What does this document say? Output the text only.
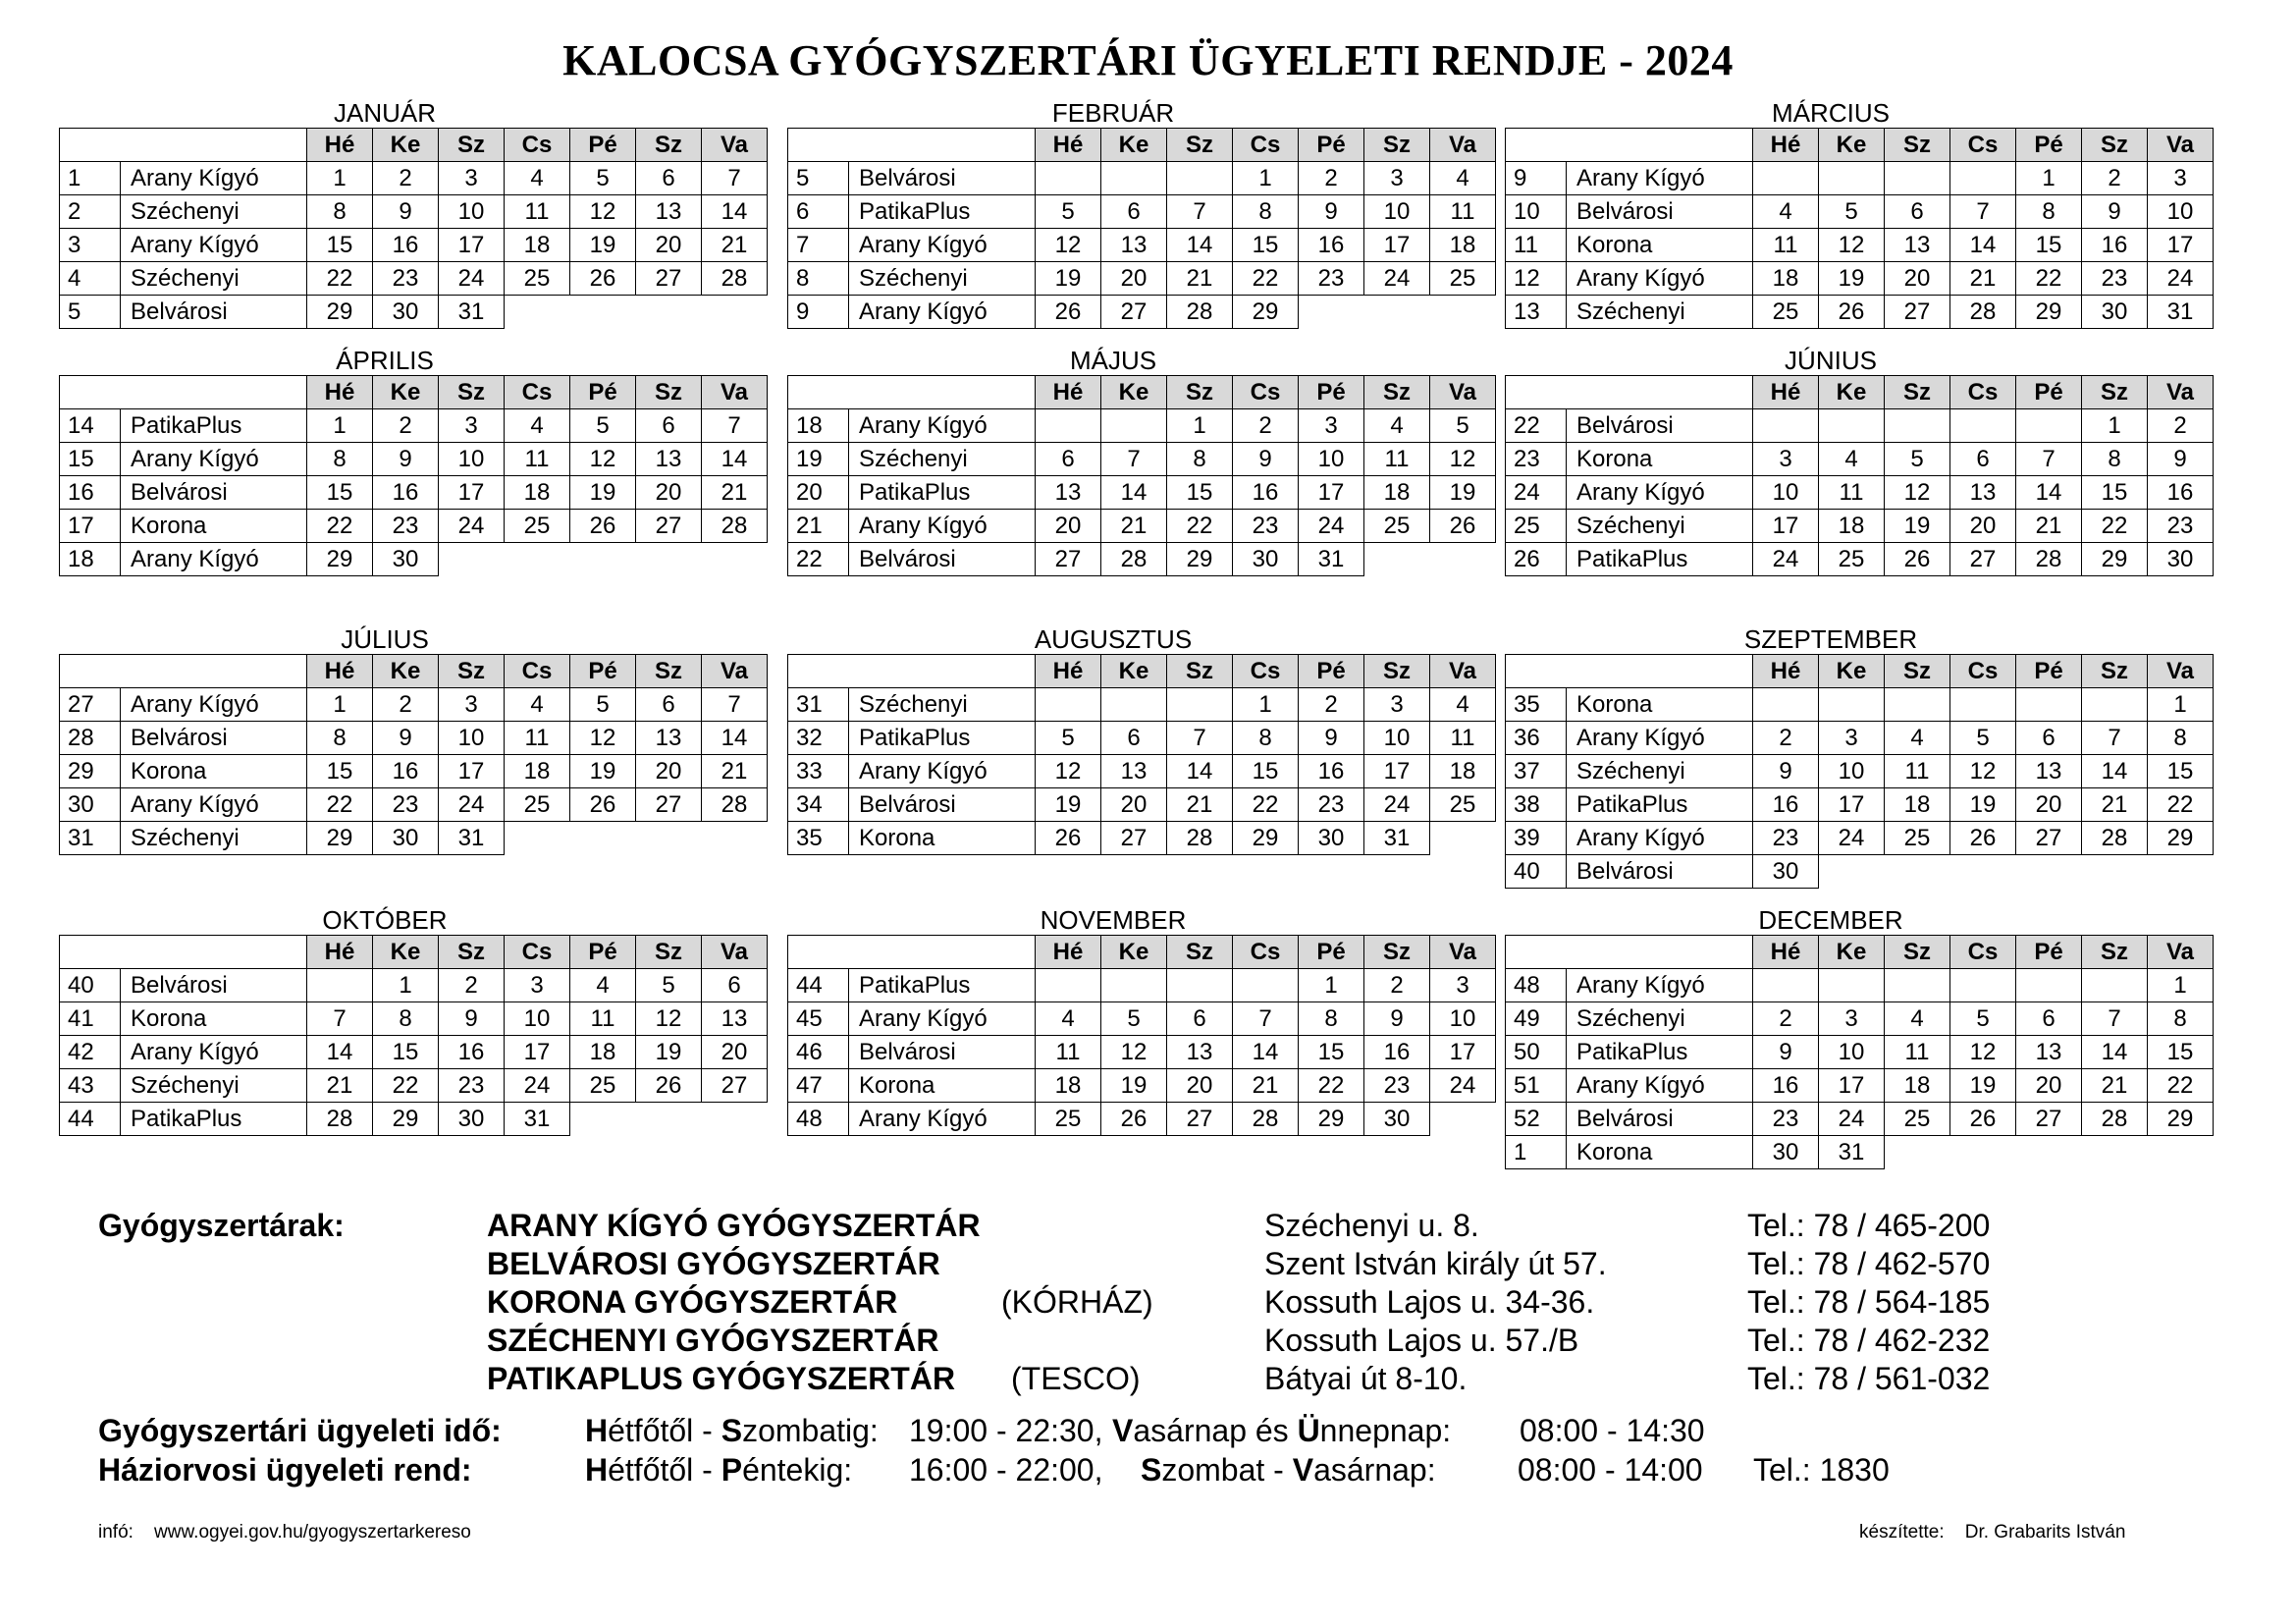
KALOCSA GYÓGYSZERTÁRI ÜGYELETI RENDJE - 2024
JANUÁR
		Hé	Ke	Sz	Cs	Pé	Sz	Va
1	Arany Kígyó	1	2	3	4	5	6	7
2	Széchenyi	8	9	10	11	12	13	14
3	Arany Kígyó	15	16	17	18	19	20	21
4	Széchenyi	22	23	24	25	26	27	28
5	Belvárosi	29	30	31				
FEBRUÁR
		Hé	Ke	Sz	Cs	Pé	Sz	Va
5	Belvárosi				1	2	3	4
6	PatikaPlus	5	6	7	8	9	10	11
7	Arany Kígyó	12	13	14	15	16	17	18
8	Széchenyi	19	20	21	22	23	24	25
9	Arany Kígyó	26	27	28	29			
MÁRCIUS
		Hé	Ke	Sz	Cs	Pé	Sz	Va
9	Arany Kígyó					1	2	3
10	Belvárosi	4	5	6	7	8	9	10
11	Korona	11	12	13	14	15	16	17
12	Arany Kígyó	18	19	20	21	22	23	24
13	Széchenyi	25	26	27	28	29	30	31
ÁPRILIS
		Hé	Ke	Sz	Cs	Pé	Sz	Va
14	PatikaPlus	1	2	3	4	5	6	7
15	Arany Kígyó	8	9	10	11	12	13	14
16	Belvárosi	15	16	17	18	19	20	21
17	Korona	22	23	24	25	26	27	28
18	Arany Kígyó	29	30					
MÁJUS
		Hé	Ke	Sz	Cs	Pé	Sz	Va
18	Arany Kígyó			1	2	3	4	5
19	Széchenyi	6	7	8	9	10	11	12
20	PatikaPlus	13	14	15	16	17	18	19
21	Arany Kígyó	20	21	22	23	24	25	26
22	Belvárosi	27	28	29	30	31		
JÚNIUS
		Hé	Ke	Sz	Cs	Pé	Sz	Va
22	Belvárosi						1	2
23	Korona	3	4	5	6	7	8	9
24	Arany Kígyó	10	11	12	13	14	15	16
25	Széchenyi	17	18	19	20	21	22	23
26	PatikaPlus	24	25	26	27	28	29	30
JÚLIUS
		Hé	Ke	Sz	Cs	Pé	Sz	Va
27	Arany Kígyó	1	2	3	4	5	6	7
28	Belvárosi	8	9	10	11	12	13	14
29	Korona	15	16	17	18	19	20	21
30	Arany Kígyó	22	23	24	25	26	27	28
31	Széchenyi	29	30	31				
AUGUSZTUS
		Hé	Ke	Sz	Cs	Pé	Sz	Va
31	Széchenyi				1	2	3	4
32	PatikaPlus	5	6	7	8	9	10	11
33	Arany Kígyó	12	13	14	15	16	17	18
34	Belvárosi	19	20	21	22	23	24	25
35	Korona	26	27	28	29	30	31	
SZEPTEMBER
		Hé	Ke	Sz	Cs	Pé	Sz	Va
35	Korona							1
36	Arany Kígyó	2	3	4	5	6	7	8
37	Széchenyi	9	10	11	12	13	14	15
38	PatikaPlus	16	17	18	19	20	21	22
39	Arany Kígyó	23	24	25	26	27	28	29
40	Belvárosi	30						
OKTÓBER
		Hé	Ke	Sz	Cs	Pé	Sz	Va
40	Belvárosi		1	2	3	4	5	6
41	Korona	7	8	9	10	11	12	13
42	Arany Kígyó	14	15	16	17	18	19	20
43	Széchenyi	21	22	23	24	25	26	27
44	PatikaPlus	28	29	30	31			
NOVEMBER
		Hé	Ke	Sz	Cs	Pé	Sz	Va
44	PatikaPlus					1	2	3
45	Arany Kígyó	4	5	6	7	8	9	10
46	Belvárosi	11	12	13	14	15	16	17
47	Korona	18	19	20	21	22	23	24
48	Arany Kígyó	25	26	27	28	29	30	
DECEMBER
		Hé	Ke	Sz	Cs	Pé	Sz	Va
48	Arany Kígyó							1
49	Széchenyi	2	3	4	5	6	7	8
50	PatikaPlus	9	10	11	12	13	14	15
51	Arany Kígyó	16	17	18	19	20	21	22
52	Belvárosi	23	24	25	26	27	28	29
1	Korona	30	31					
Gyógyszertárak:	ARANY KÍGYÓ GYÓGYSZERTÁR	Széchenyi u. 8.	Tel.: 78 / 465-200
BELVÁROSI GYÓGYSZERTÁR	Szent István király út 57.	Tel.: 78 / 462-570
KORONA GYÓGYSZERTÁR	(KÓRHÁZ)	Kossuth Lajos u. 34-36.	Tel.: 78 / 564-185
SZÉCHENYI GYÓGYSZERTÁR	Kossuth Lajos u. 57./B	Tel.: 78 / 462-232
PATIKAPLUS GYÓGYSZERTÁR (TESCO)	Bátyai út 8-10.	Tel.: 78 / 561-032
Gyógyszertári ügyeleti idő:	Hétfőtől - Szombatig: 19:00 - 22:30, Vasárnap és Ünnepnap: 08:00 - 14:30
Háziorvosi ügyeleti rend:	Hétfőtől - Péntekig: 16:00 - 22:00, Szombat - Vasárnap:	08:00 - 14:00 Tel.: 1830
infó: www.ogyei.gov.hu/gyogyszertarkereso	készítette: Dr. Grabarits István
